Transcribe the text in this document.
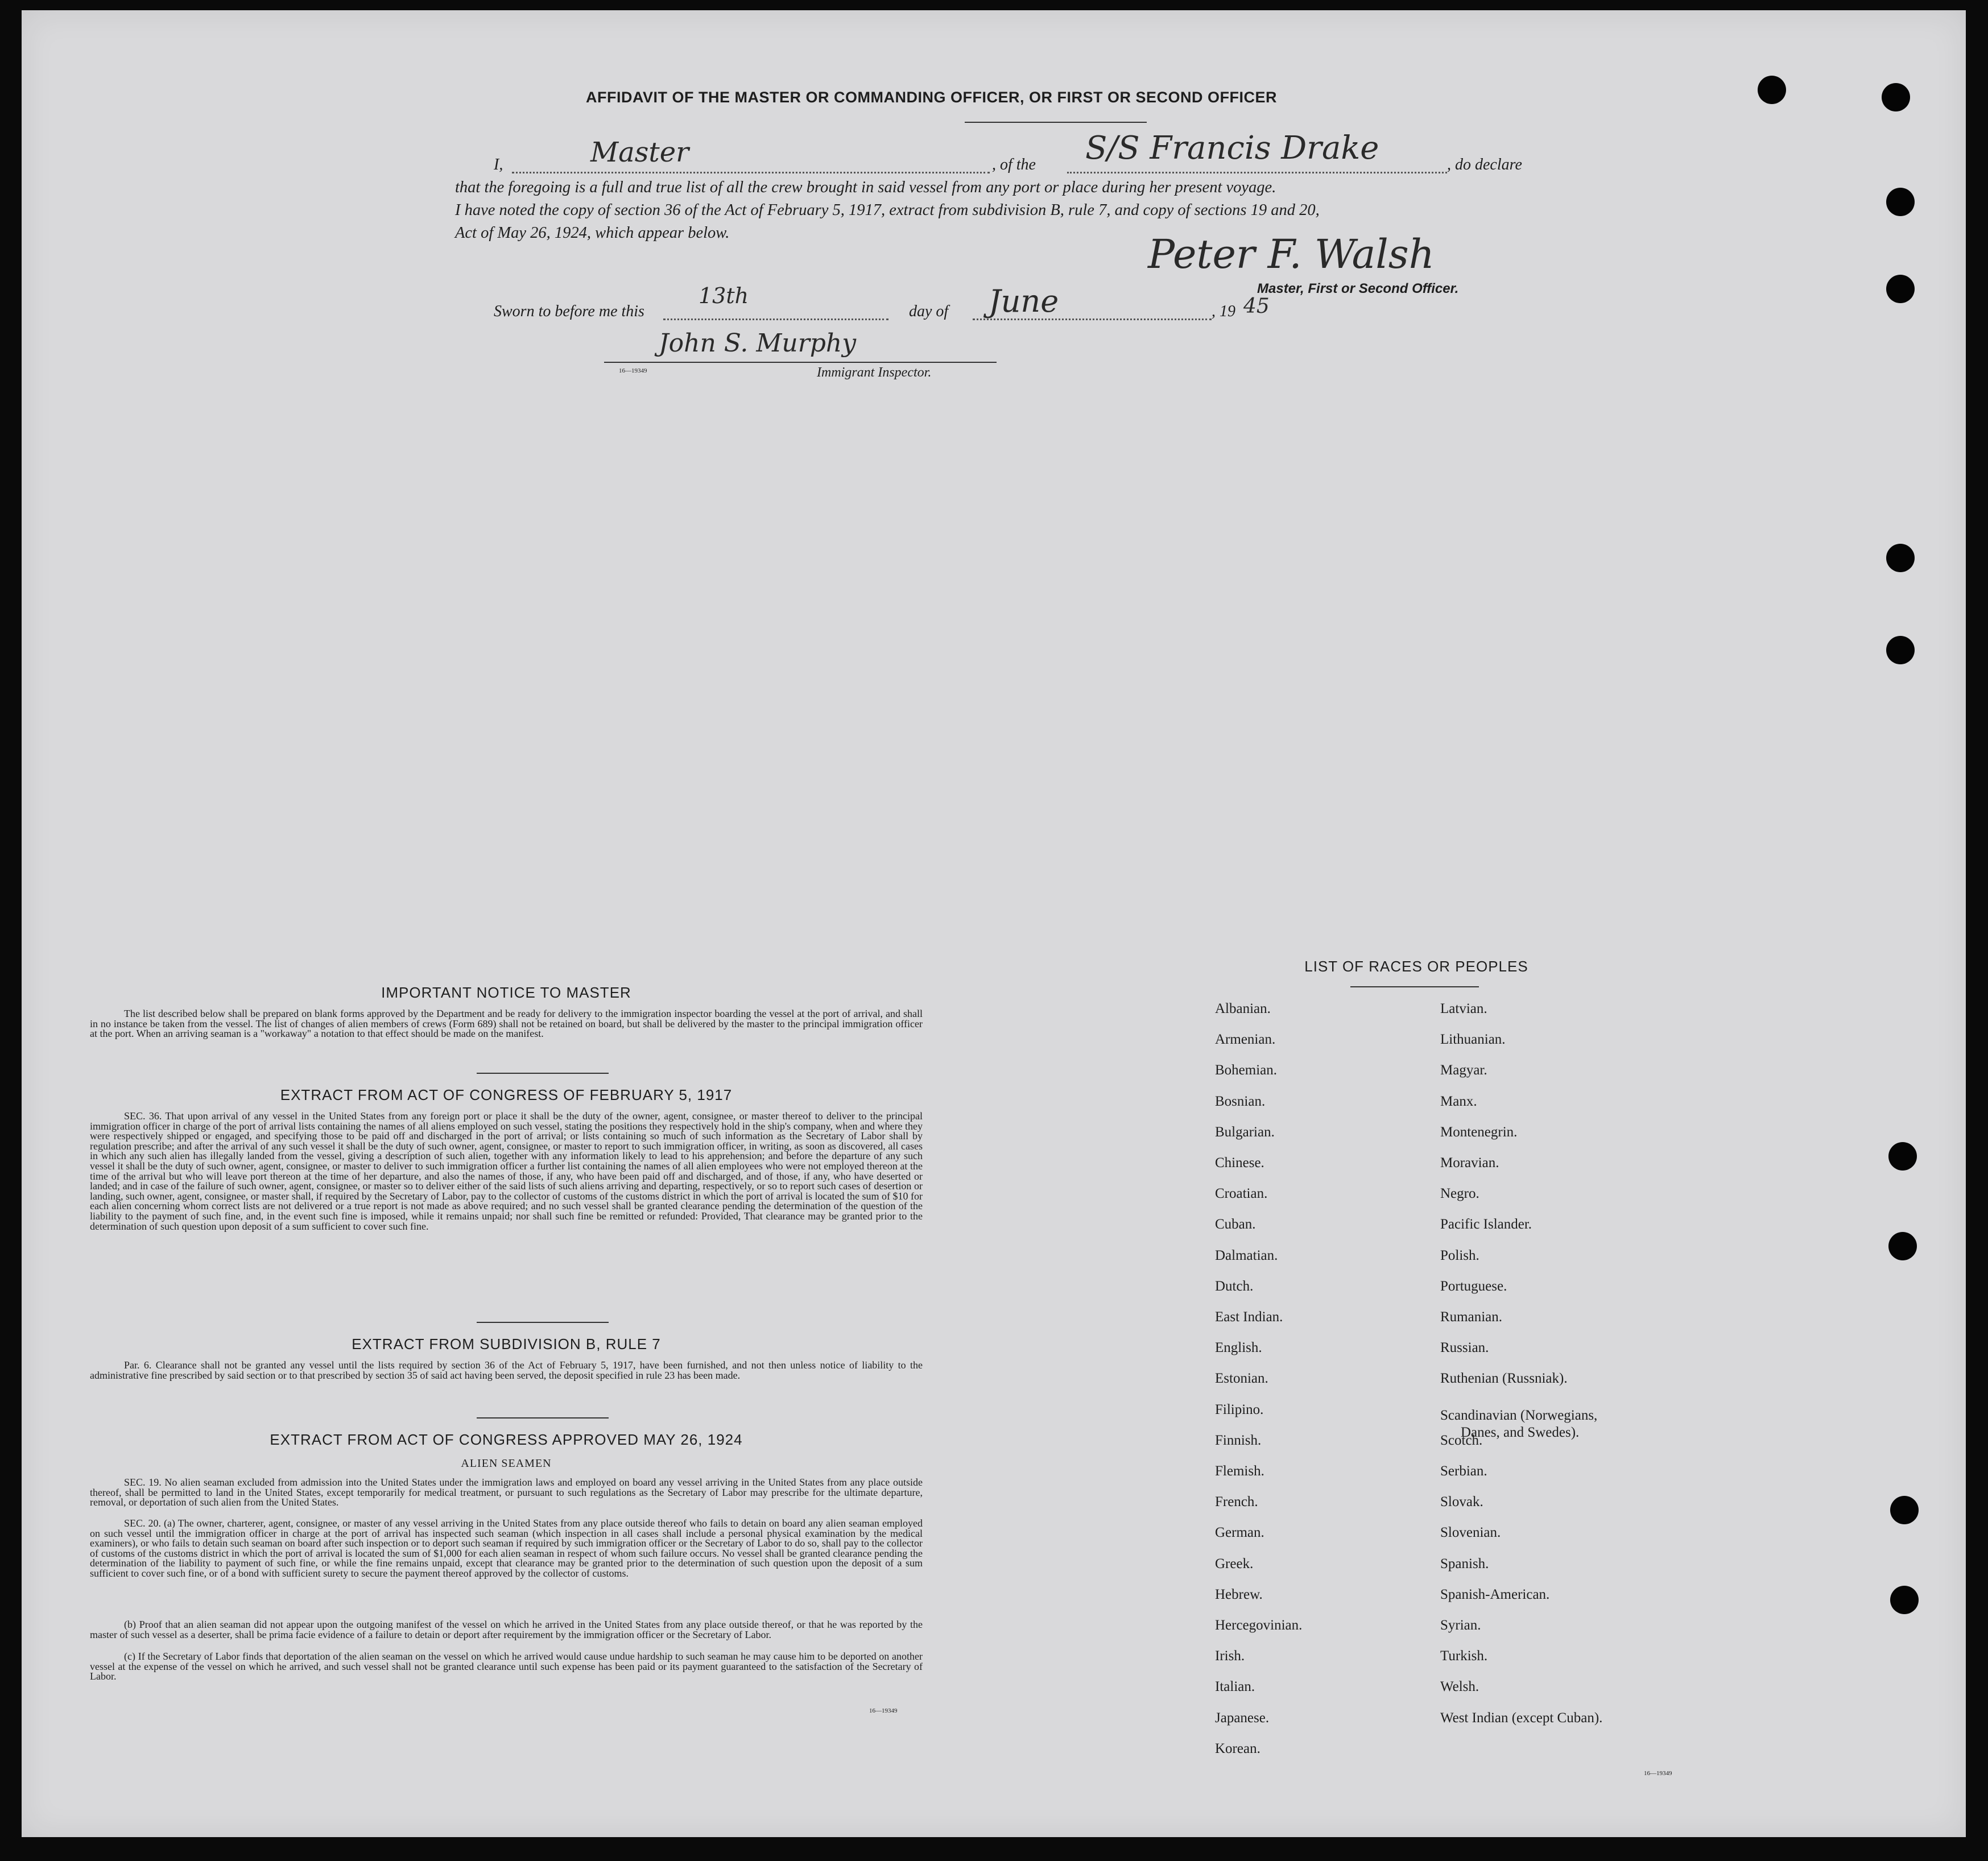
AFFIDAVIT OF THE MASTER OR COMMANDING OFFICER, OR FIRST OR SECOND OFFICER
I,	Master	, of the S/S Francis Drake	, do declare
that the foregoing is a full and true list of all the crew brought in said vessel from any port or place during her present voyage.
I have noted the copy of section 36 of the Act of February 5, 1917, extract from subdivision B, rule 7, and copy of sections 19 and 20,
Act of May 26, 1924, which appear below.	Peter F. Walsh
Master, First or Second Officer.
Sworn to before me this
13th
day of June	, 19 45
John S. Murphy
16—19349	Immigrant Inspector.
IMPORTANT NOTICE TO MASTER
The list described below shall be prepared on blank forms approved by the Department and be ready for delivery to the immigration inspector boarding the vessel at the port of arrival, and shall in no instance be taken from the vessel. The list of changes of alien members of crews (Form 689) shall not be retained on board, but shall be delivered by the master to the principal immigration officer at the port. When an arriving seaman is a "workaway" a notation to that effect should be made on the manifest.
EXTRACT FROM ACT OF CONGRESS OF FEBRUARY 5, 1917
SEC. 36. That upon arrival of any vessel in the United States from any foreign port or place it shall be the duty of the owner, agent, consignee, or master thereof to deliver to the principal immigration officer in charge of the port of arrival lists containing the names of all aliens employed on such vessel, stating the positions they respectively hold in the ship's company, when and where they were respectively shipped or engaged, and specifying those to be paid off and discharged in the port of arrival; or lists containing so much of such information as the Secretary of Labor shall by regulation prescribe; and after the arrival of any such vessel it shall be the duty of such owner, agent, consignee, or master to report to such immigration officer, in writing, as soon as discovered, all cases in which any such alien has illegally landed from the vessel, giving a description of such alien, together with any information likely to lead to his apprehension; and before the departure of any such vessel it shall be the duty of such owner, agent, consignee, or master to deliver to such immigration officer a further list containing the names of all alien employees who were not employed thereon at the time of the arrival but who will leave port thereon at the time of her departure, and also the names of those, if any, who have been paid off and discharged, and of those, if any, who have deserted or landed; and in case of the failure of such owner, agent, consignee, or master so to deliver either of the said lists of such aliens arriving and departing, respectively, or so to report such cases of desertion or landing, such owner, agent, consignee, or master shall, if required by the Secretary of Labor, pay to the collector of customs of the customs district in which the port of arrival is located the sum of $10 for each alien concerning whom correct lists are not delivered or a true report is not made as above required; and no such vessel shall be granted clearance pending the determination of the question of the liability to the payment of such fine, and, in the event such fine is imposed, while it remains unpaid; nor shall such fine be remitted or refunded: Provided, That clearance may be granted prior to the determination of such question upon deposit of a sum sufficient to cover such fine.
EXTRACT FROM SUBDIVISION B, RULE 7
Par. 6. Clearance shall not be granted any vessel until the lists required by section 36 of the Act of February 5, 1917, have been furnished, and not then unless notice of liability to the administrative fine prescribed by said section or to that prescribed by section 35 of said act having been served, the deposit specified in rule 23 has been made.
EXTRACT FROM ACT OF CONGRESS APPROVED MAY 26, 1924
ALIEN SEAMEN
SEC. 19. No alien seaman excluded from admission into the United States under the immigration laws and employed on board any vessel arriving in the United States from any place outside thereof, shall be permitted to land in the United States, except temporarily for medical treatment, or pursuant to such regulations as the Secretary of Labor may prescribe for the ultimate departure, removal, or deportation of such alien from the United States.
SEC. 20. (a) The owner, charterer, agent, consignee, or master of any vessel arriving in the United States from any place outside thereof who fails to detain on board any alien seaman employed on such vessel until the immigration officer in charge at the port of arrival has inspected such seaman (which inspection in all cases shall include a personal physical examination by the medical examiners), or who fails to detain such seaman on board after such inspection or to deport such seaman if required by such immigration officer or the Secretary of Labor to do so, shall pay to the collector of customs of the customs district in which the port of arrival is located the sum of $1,000 for each alien seaman in respect of whom such failure occurs. No vessel shall be granted clearance pending the determination of the liability to payment of such fine, or while the fine remains unpaid, except that clearance may be granted prior to the determination of such question upon the deposit of a sum sufficient to cover such fine, or of a bond with sufficient surety to secure the payment thereof approved by the collector of customs.
(b) Proof that an alien seaman did not appear upon the outgoing manifest of the vessel on which he arrived in the United States from any place outside thereof, or that he was reported by the master of such vessel as a deserter, shall be prima facie evidence of a failure to detain or deport after requirement by the immigration officer or the Secretary of Labor.
(c) If the Secretary of Labor finds that deportation of the alien seaman on the vessel on which he arrived would cause undue hardship to such seaman he may cause him to be deported on another vessel at the expense of the vessel on which he arrived, and such vessel shall not be granted clearance until such expense has been paid or its payment guaranteed to the satisfaction of the Secretary of Labor.
16—19349
LIST OF RACES OR PEOPLES
Albanian.
Armenian.
Bohemian.
Bosnian.
Bulgarian.
Chinese.
Croatian.
Cuban.
Dalmatian.
Dutch.
East Indian.
English.
Estonian.
Filipino.
Finnish.
Flemish.
French.
German.
Greek.
Hebrew.
Hercegovinian.
Irish.
Italian.
Japanese.
Korean.
Latvian.
Lithuanian.
Magyar.
Manx.
Montenegrin.
Moravian.
Negro.
Pacific Islander.
Polish.
Portuguese.
Rumanian.
Russian.
Ruthenian (Russniak).
Scandinavian (Norwegians,
Danes, and Swedes).
Scotch.
Serbian.
Slovak.
Slovenian.
Spanish.
Spanish-American.
Syrian.
Turkish.
Welsh.
West Indian (except Cuban).
16—19349
